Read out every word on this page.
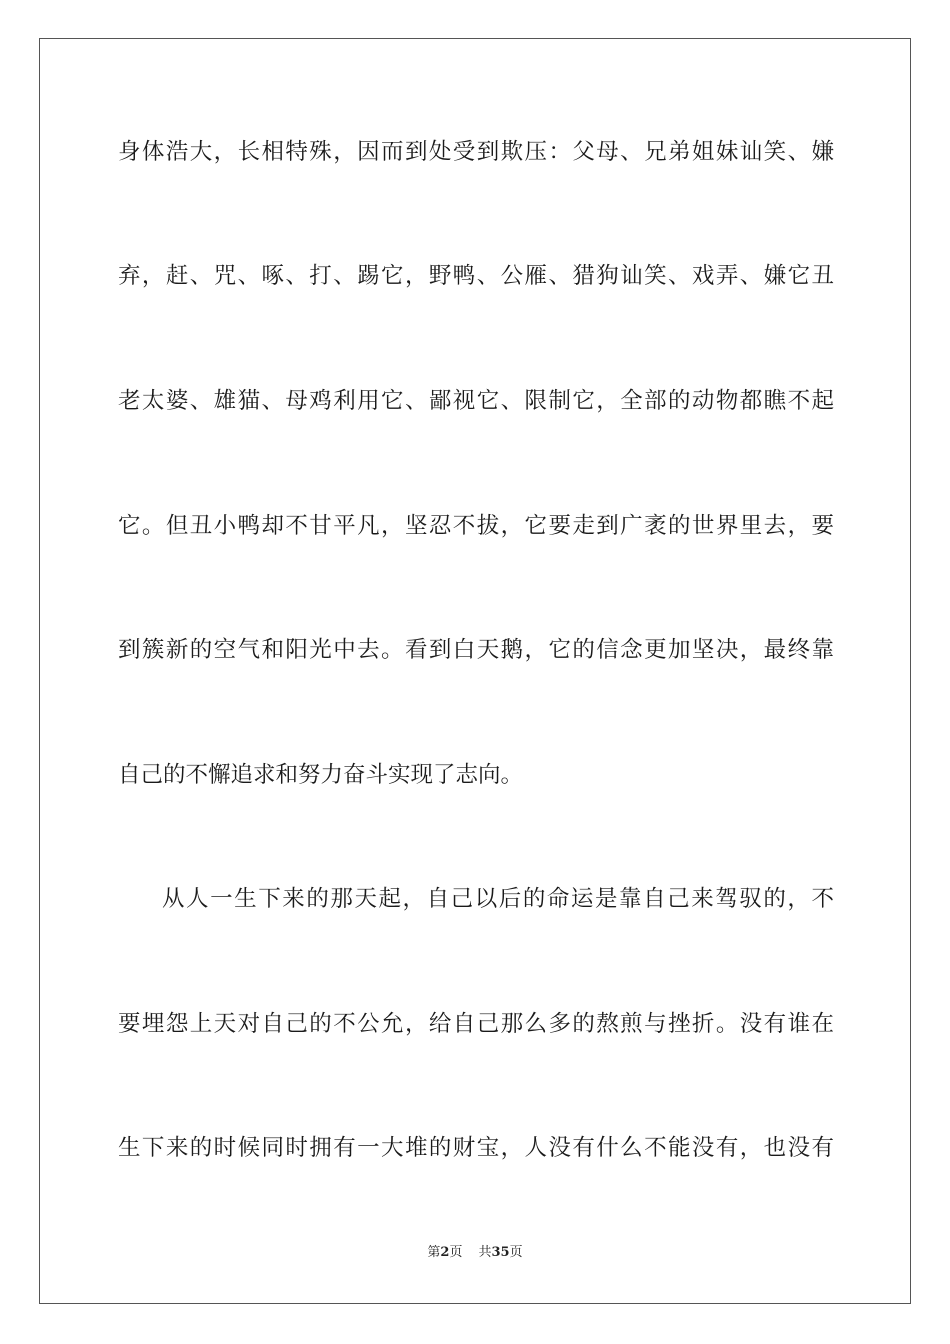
身体浩大，长相特殊，因而到处受到欺压：父母、兄弟姐妹讪笑、嫌
弃，赶、咒、啄、打、踢它，野鸭、公雁、猎狗讪笑、戏弄、嫌它丑
老太婆、雄猫、母鸡利用它、鄙视它、限制它，全部的动物都瞧不起
它。但丑小鸭却不甘平凡，坚忍不拔，它要走到广袤的世界里去，要
到簇新的空气和阳光中去。看到白天鹅，它的信念更加坚决，最终靠
自己的不懈追求和努力奋斗实现了志向。
从人一生下来的那天起，自己以后的命运是靠自己来驾驭的，不
要埋怨上天对自己的不公允，给自己那么多的熬煎与挫折。没有谁在
生下来的时候同时拥有一大堆的财宝，人没有什么不能没有，也没有
第2页 共35页
